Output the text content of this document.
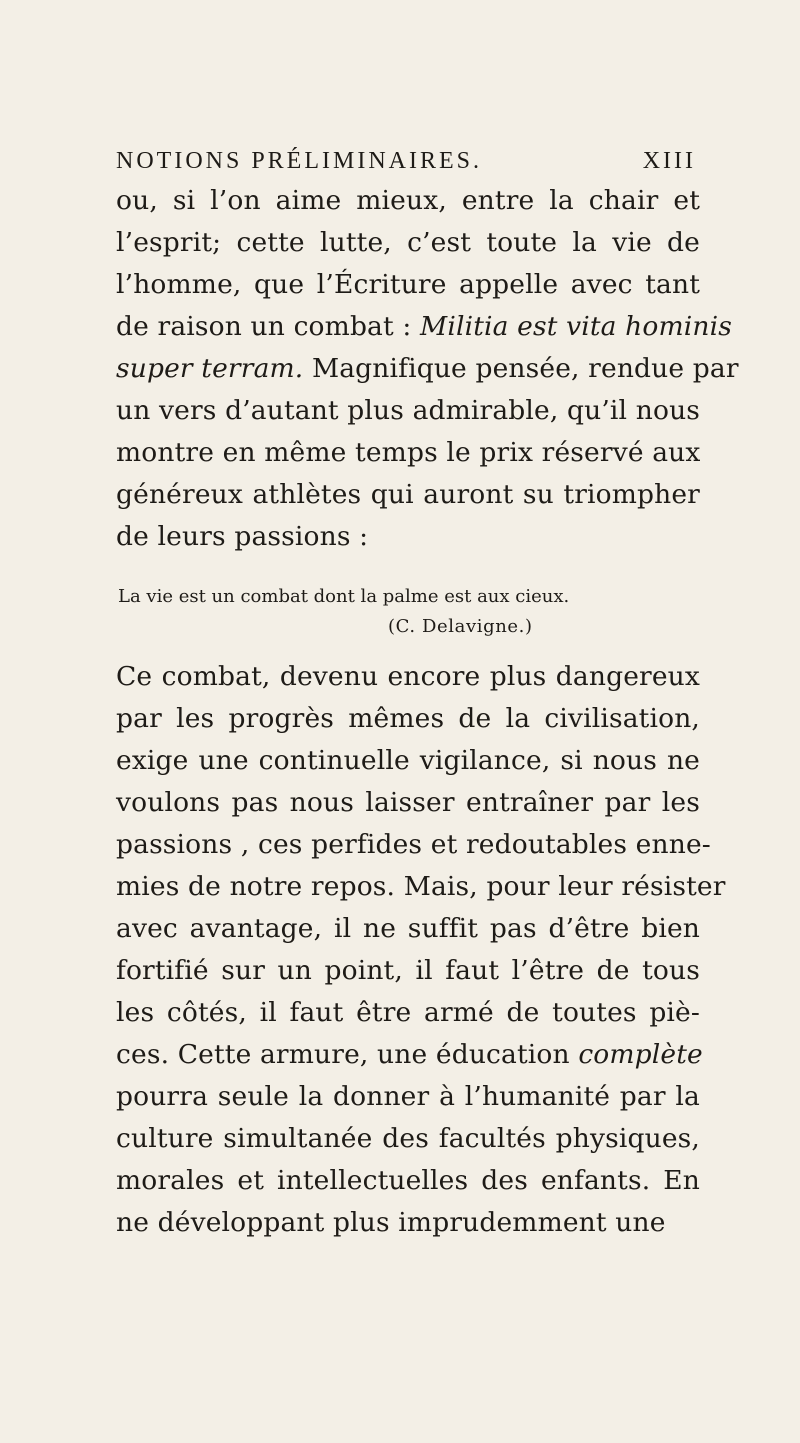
NOTIONS PRÉLIMINAIRES.	XIII
ou, si l’on aime mieux, entre la chair et
l’esprit; cette lutte, c’est toute la vie de
l’homme, que l’Écriture appelle avec tant
de raison un combat : Militia est vita hominis
super terram. Magnifique pensée, rendue par
un vers d’autant plus admirable, qu’il nous
montre en même temps le prix réservé aux
généreux athlètes qui auront su triompher
de leurs passions :
La vie est un combat dont la palme est aux cieux.
(C. Delavigne.)
Ce combat, devenu encore plus dangereux
par les progrès mêmes de la civilisation,
exige une continuelle vigilance, si nous ne
voulons pas nous laisser entraîner par les
passions , ces perfides et redoutables enne-
mies de notre repos. Mais, pour leur résister
avec avantage, il ne suffit pas d’être bien
fortifié sur un point, il faut l’être de tous
les côtés, il faut être armé de toutes piè-
ces. Cette armure, une éducation complète
pourra seule la donner à l’humanité par la
culture simultanée des facultés physiques,
morales et intellectuelles des enfants. En
ne développant plus imprudemment une
